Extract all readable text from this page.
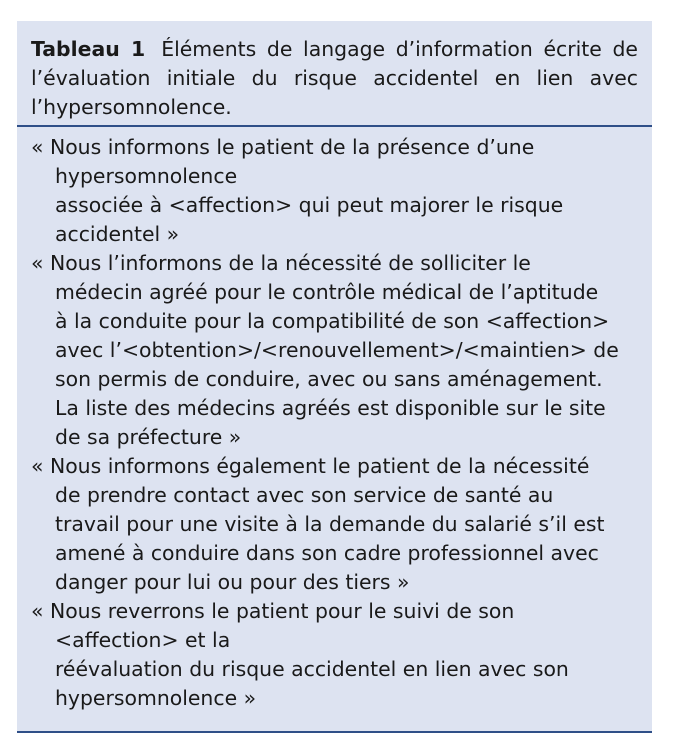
Tableau 1 Éléments de langage d’information écrite de l’évaluation initiale du risque accidentel en lien avec l’hypersomnolence.
« Nous informons le patient de la présence d’une
hypersomnolence
associée à <affection> qui peut majorer le risque
accidentel »
« Nous l’informons de la nécessité de solliciter le
médecin agréé pour le contrôle médical de l’aptitude
à la conduite pour la compatibilité de son <affection>
avec l’<obtention>/<renouvellement>/<maintien> de
son permis de conduire, avec ou sans aménagement.
La liste des médecins agréés est disponible sur le site
de sa préfecture »
« Nous informons également le patient de la nécessité
de prendre contact avec son service de santé au
travail pour une visite à la demande du salarié s’il est
amené à conduire dans son cadre professionnel avec
danger pour lui ou pour des tiers »
« Nous reverrons le patient pour le suivi de son
<affection> et la
réévaluation du risque accidentel en lien avec son
hypersomnolence »
